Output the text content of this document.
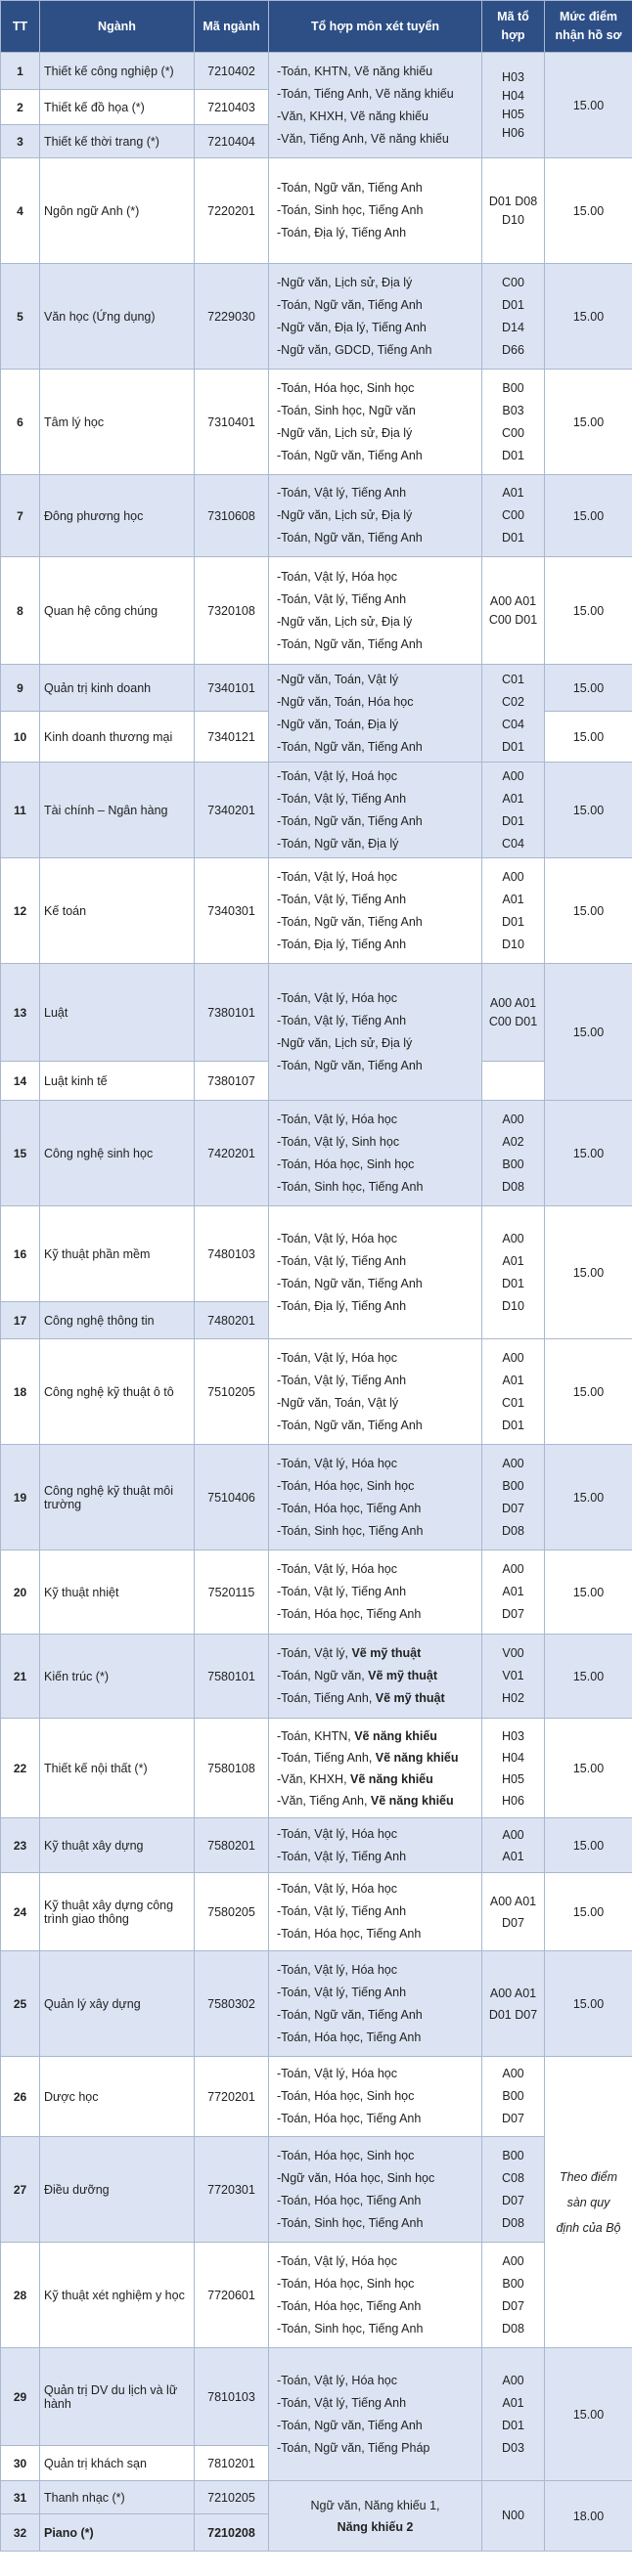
TT	Ngành	Mã ngành	Tổ hợp môn xét tuyển	Mã tổ hợp	Mức điểm nhận hồ sơ
1	Thiết kế công nghiệp (*)	7210402	-Toán, KHTN, Vẽ năng khiếu
-Toán, Tiếng Anh, Vẽ năng khiếu
-Văn, KHXH, Vẽ năng khiếu
-Văn, Tiếng Anh, Vẽ năng khiếu	H03
H04
H05
H06	15.00
2	Thiết kế đồ họa (*)	7210403			
3	Thiết kế thời trang (*)	7210404			
4	Ngôn ngữ Anh (*)	7220201	-Toán, Ngữ văn, Tiếng Anh
-Toán, Sinh học, Tiếng Anh
-Toán, Địa lý, Tiếng Anh	D01 D08
D10	15.00
5	Văn học (Ứng dụng)	7229030	-Ngữ văn, Lịch sử, Địa lý
-Toán, Ngữ văn, Tiếng Anh
-Ngữ văn, Địa lý, Tiếng Anh
-Ngữ văn, GDCD, Tiếng Anh	C00
D01
D14
D66	15.00
6	Tâm lý học	7310401	-Toán, Hóa học, Sinh học
-Toán, Sinh học, Ngữ văn
-Ngữ văn, Lịch sử, Địa lý
-Toán, Ngữ văn, Tiếng Anh	B00
B03
C00
D01	15.00
7	Đông phương học	7310608	-Toán, Vật lý, Tiếng Anh
-Ngữ văn, Lịch sử, Địa lý
-Toán, Ngữ văn, Tiếng Anh	A01
C00
D01	15.00
8	Quan hệ công chúng	7320108	-Toán, Vật lý, Hóa học
-Toán, Vật lý, Tiếng Anh
-Ngữ văn, Lịch sử, Địa lý
-Toán, Ngữ văn, Tiếng Anh	A00 A01
C00 D01	15.00
9	Quản trị kinh doanh	7340101	-Ngữ văn, Toán, Vật lý
-Ngữ văn, Toán, Hóa học
-Ngữ văn, Toán, Địa lý
-Toán, Ngữ văn, Tiếng Anh	C01
C02
C04
D01	15.00
10	Kinh doanh thương mại	7340121			15.00
11	Tài chính – Ngân hàng	7340201	-Toán, Vật lý, Hoá học
-Toán, Vật lý, Tiếng Anh
-Toán, Ngữ văn, Tiếng Anh
-Toán, Ngữ văn, Địa lý	A00
A01
D01
C04	15.00
12	Kế toán	7340301	-Toán, Vật lý, Hoá học
-Toán, Vật lý, Tiếng Anh
-Toán, Ngữ văn, Tiếng Anh
-Toán, Địa lý, Tiếng Anh	A00
A01
D01
D10	15.00
13	Luật	7380101	-Toán, Vật lý, Hóa học
-Toán, Vật lý, Tiếng Anh
-Ngữ văn, Lịch sử, Địa lý
-Toán, Ngữ văn, Tiếng Anh	A00 A01
C00 D01	15.00
14	Luật kinh tế	7380107			
15	Công nghệ sinh học	7420201	-Toán, Vật lý, Hóa học
-Toán, Vật lý, Sinh học
-Toán, Hóa học, Sinh học
-Toán, Sinh học, Tiếng Anh	A00
A02
B00
D08	15.00
16	Kỹ thuật phần mềm	7480103	-Toán, Vật lý, Hóa học
-Toán, Vật lý, Tiếng Anh
-Toán, Ngữ văn, Tiếng Anh
-Toán, Địa lý, Tiếng Anh	A00
A01
D01
D10	15.00
17	Công nghệ thông tin	7480201			
18	Công nghệ kỹ thuật ô tô	7510205	-Toán, Vật lý, Hóa học
-Toán, Vật lý, Tiếng Anh
-Ngữ văn, Toán, Vật lý
-Toán, Ngữ văn, Tiếng Anh	A00
A01
C01
D01	15.00
19	Công nghệ kỹ thuật môi trường	7510406	-Toán, Vật lý, Hóa học
-Toán, Hóa học, Sinh học
-Toán, Hóa học, Tiếng Anh
-Toán, Sinh học, Tiếng Anh	A00
B00
D07
D08	15.00
20	Kỹ thuật nhiệt	7520115	-Toán, Vật lý, Hóa học
-Toán, Vật lý, Tiếng Anh
-Toán, Hóa học, Tiếng Anh	A00
A01
D07	15.00
21	Kiến trúc (*)	7580101	-Toán, Vật lý, Vẽ mỹ thuật
-Toán, Ngữ văn, Vẽ mỹ thuật
-Toán, Tiếng Anh, Vẽ mỹ thuật	V00
V01
H02	15.00
22	Thiết kế nội thất (*)	7580108	-Toán, KHTN, Vẽ năng khiếu
-Toán, Tiếng Anh, Vẽ năng khiếu
-Văn, KHXH, Vẽ năng khiếu
-Văn, Tiếng Anh, Vẽ năng khiếu	H03
H04
H05
H06	15.00
23	Kỹ thuật xây dựng	7580201	-Toán, Vật lý, Hóa học
-Toán, Vật lý, Tiếng Anh	A00
A01	15.00
24	Kỹ thuật xây dựng công trình giao thông	7580205	-Toán, Vật lý, Hóa học
-Toán, Vật lý, Tiếng Anh
-Toán, Hóa học, Tiếng Anh	A00 A01
D07	15.00
25	Quản lý xây dựng	7580302	-Toán, Vật lý, Hóa học
-Toán, Vật lý, Tiếng Anh
-Toán, Ngữ văn, Tiếng Anh
-Toán, Hóa học, Tiếng Anh	A00 A01
D01 D07	15.00
26	Dược học	7720201	-Toán, Vật lý, Hóa học
-Toán, Hóa học, Sinh học
-Toán, Hóa học, Tiếng Anh	A00
B00
D07	Theo điểm
sàn quy
định của Bộ

27	Điều dưỡng	7720301	-Toán, Hóa học, Sinh học
-Ngữ văn, Hóa học, Sinh học
-Toán, Hóa học, Tiếng Anh
-Toán, Sinh học, Tiếng Anh	B00
C08
D07
D08	

28	Kỹ thuật xét nghiệm y học	7720601	-Toán, Vật lý, Hóa học
-Toán, Hóa học, Sinh học
-Toán, Hóa học, Tiếng Anh
-Toán, Sinh học, Tiếng Anh	A00
B00
D07
D08	

29	Quản trị DV du lịch và lữ hành	7810103	-Toán, Vật lý, Hóa học
-Toán, Vật lý, Tiếng Anh
-Toán, Ngữ văn, Tiếng Anh
-Toán, Ngữ văn, Tiếng Pháp	A00
A01
D01
D03	15.00
30	Quản trị khách sạn	7810201			
31	Thanh nhạc (*)	7210205	Ngữ văn, Năng khiếu 1,
Năng khiếu 2	N00	18.00
32	Piano (*)	7210208			
